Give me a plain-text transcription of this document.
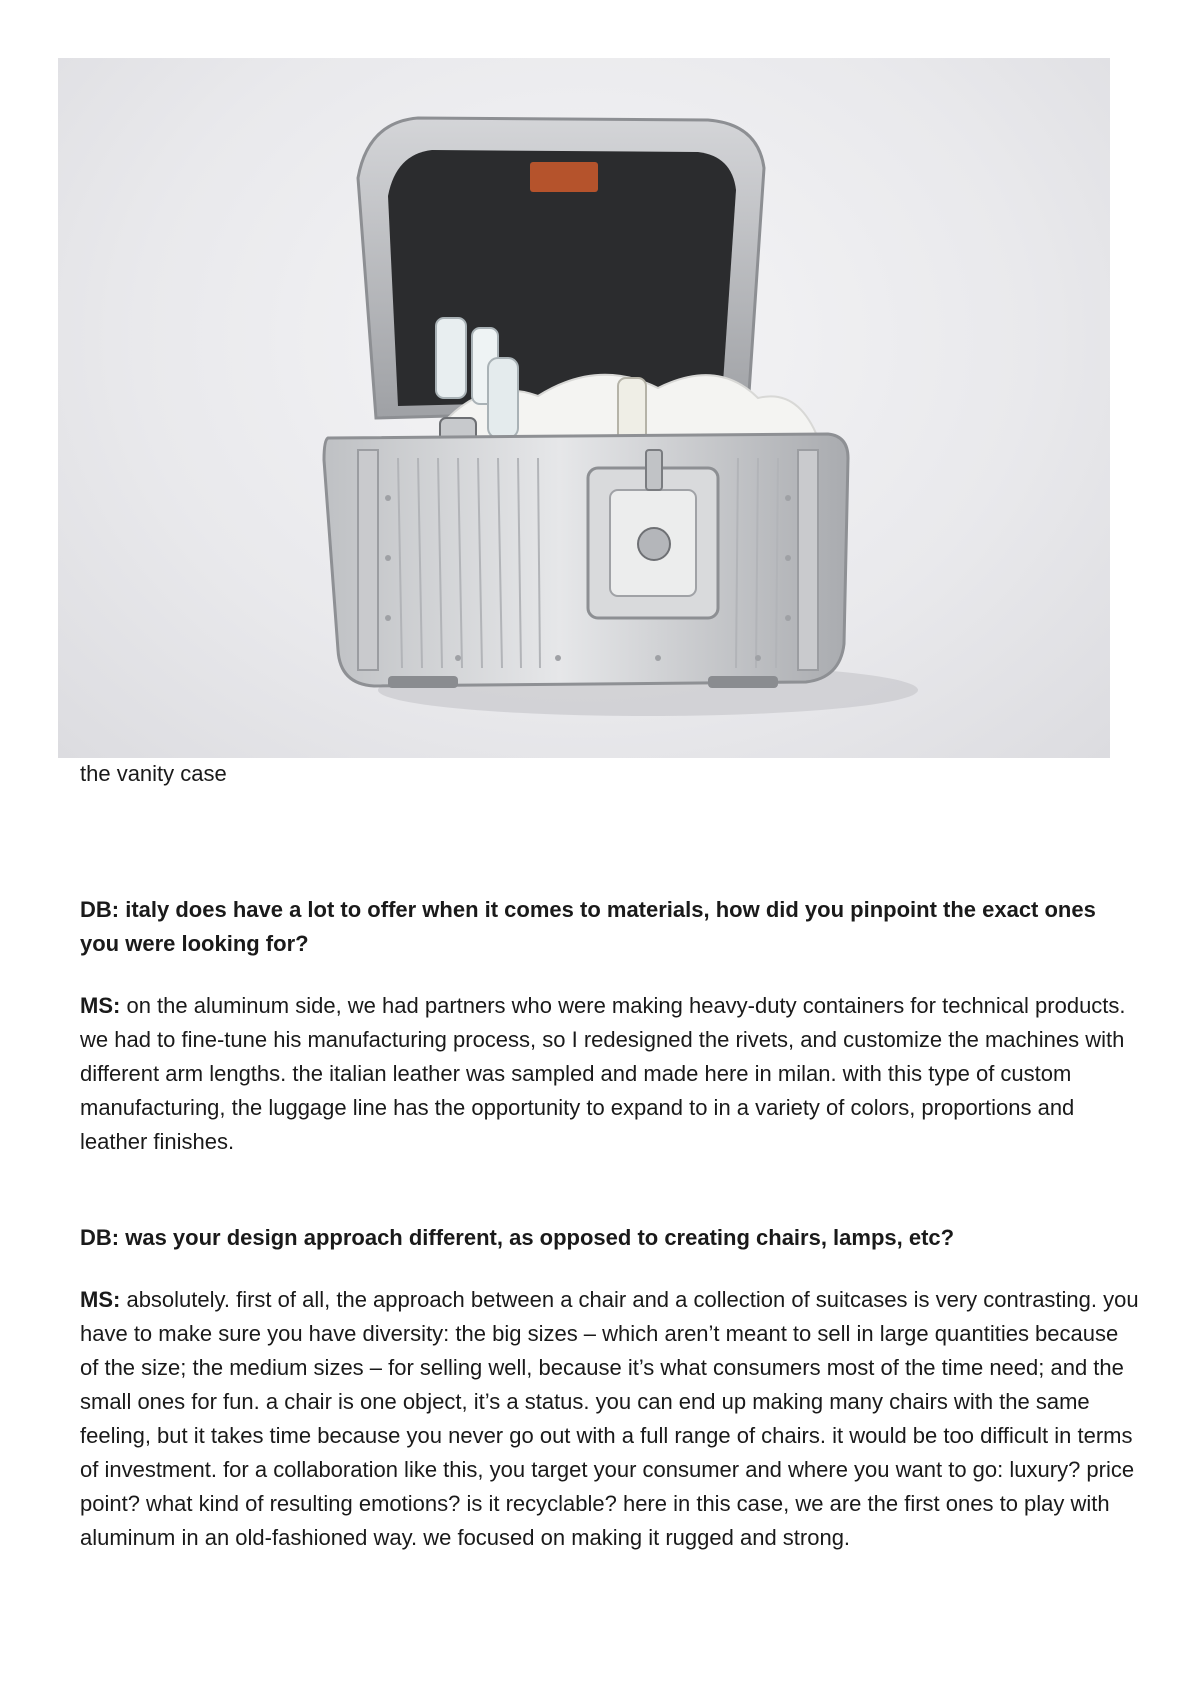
the vanity case

DB: italy does have a lot to offer when it comes to materials, how did you pinpoint the exact ones you were looking for?

MS: on the aluminum side, we had partners who were making heavy-duty containers for technical products. we had to fine-tune his manufacturing process, so I redesigned the rivets, and customize the machines with different arm lengths. the italian leather was sampled and made here in milan. with this type of custom manufacturing, the luggage line has the opportunity to expand to in a variety of colors, proportions and leather finishes.

DB: was your design approach different, as opposed to creating chairs, lamps, etc?

MS: absolutely. first of all, the approach between a chair and a collection of suitcases is very contrasting. you have to make sure you have diversity: the big sizes – which aren’t meant to sell in large quantities because of the size; the medium sizes – for selling well, because it’s what consumers most of the time need; and the small ones for fun. a chair is one object, it’s a status. you can end up making many chairs with the same feeling, but it takes time because you never go out with a full range of chairs. it would be too difficult in terms of investment. for a collaboration like this, you target your consumer and where you want to go: luxury? price point? what kind of resulting emotions? is it recyclable? here in this case, we are the first ones to play with aluminum in an old-fashioned way. we focused on making it rugged and strong.
